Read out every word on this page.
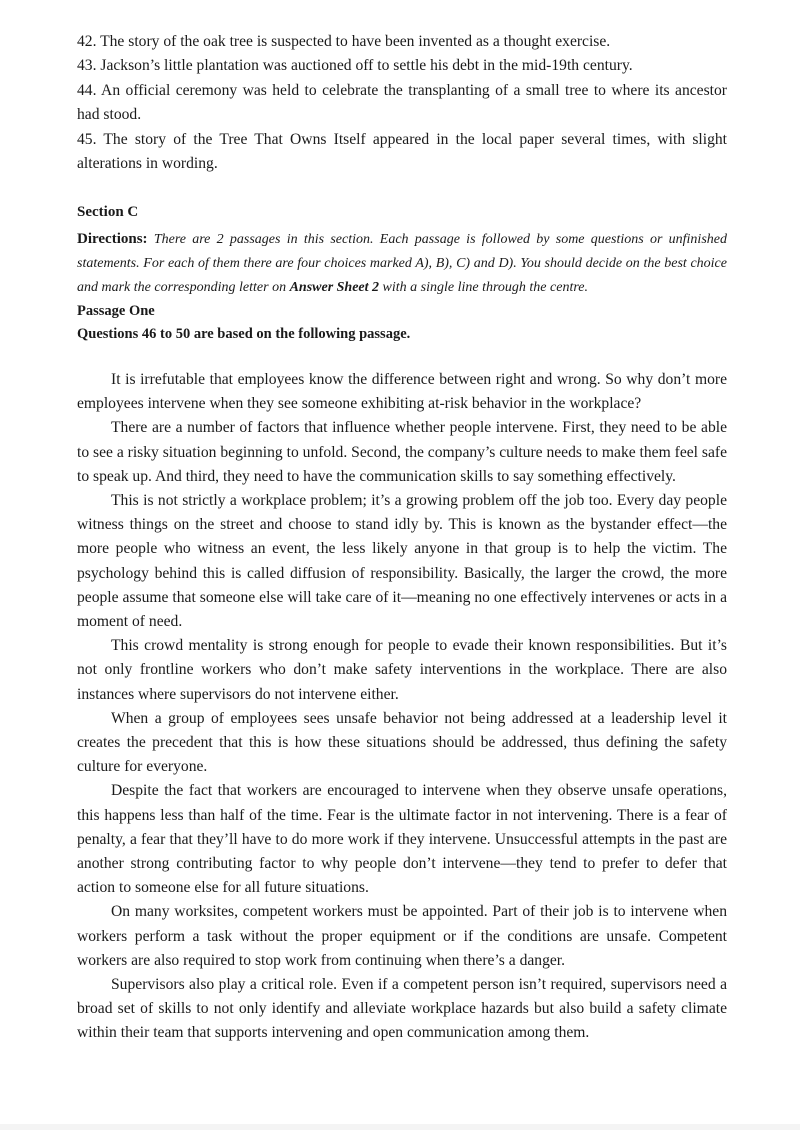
42. The story of the oak tree is suspected to have been invented as a thought exercise.

43. Jackson’s little plantation was auctioned off to settle his debt in the mid-19th century.

44. An official ceremony was held to celebrate the transplanting of a small tree to where its ancestor had stood.

45. The story of the Tree That Owns Itself appeared in the local paper several times, with slight alterations in wording.

Section C

Directions: There are 2 passages in this section. Each passage is followed by some questions or unfinished statements. For each of them there are four choices marked A), B), C) and D). You should decide on the best choice and mark the corresponding letter on Answer Sheet 2 with a single line through the centre.

Passage One

Questions 46 to 50 are based on the following passage.

It is irrefutable that employees know the difference between right and wrong. So why don’t more employees intervene when they see someone exhibiting at-risk behavior in the workplace?

There are a number of factors that influence whether people intervene. First, they need to be able to see a risky situation beginning to unfold. Second, the company’s culture needs to make them feel safe to speak up. And third, they need to have the communication skills to say something effectively.

This is not strictly a workplace problem; it’s a growing problem off the job too. Every day people witness things on the street and choose to stand idly by. This is known as the bystander effect—the more people who witness an event, the less likely anyone in that group is to help the victim. The psychology behind this is called diffusion of responsibility. Basically, the larger the crowd, the more people assume that someone else will take care of it—meaning no one effectively intervenes or acts in a moment of need.

This crowd mentality is strong enough for people to evade their known responsibilities. But it’s not only frontline workers who don’t make safety interventions in the workplace. There are also instances where supervisors do not intervene either.

When a group of employees sees unsafe behavior not being addressed at a leadership level it creates the precedent that this is how these situations should be addressed, thus defining the safety culture for everyone.

Despite the fact that workers are encouraged to intervene when they observe unsafe operations, this happens less than half of the time. Fear is the ultimate factor in not intervening. There is a fear of penalty, a fear that they’ll have to do more work if they intervene. Unsuccessful attempts in the past are another strong contributing factor to why people don’t intervene—they tend to prefer to defer that action to someone else for all future situations.

On many worksites, competent workers must be appointed. Part of their job is to intervene when workers perform a task without the proper equipment or if the conditions are unsafe. Competent workers are also required to stop work from continuing when there’s a danger.

Supervisors also play a critical role. Even if a competent person isn’t required, supervisors need a broad set of skills to not only identify and alleviate workplace hazards but also build a safety climate within their team that supports intervening and open communication among them.
